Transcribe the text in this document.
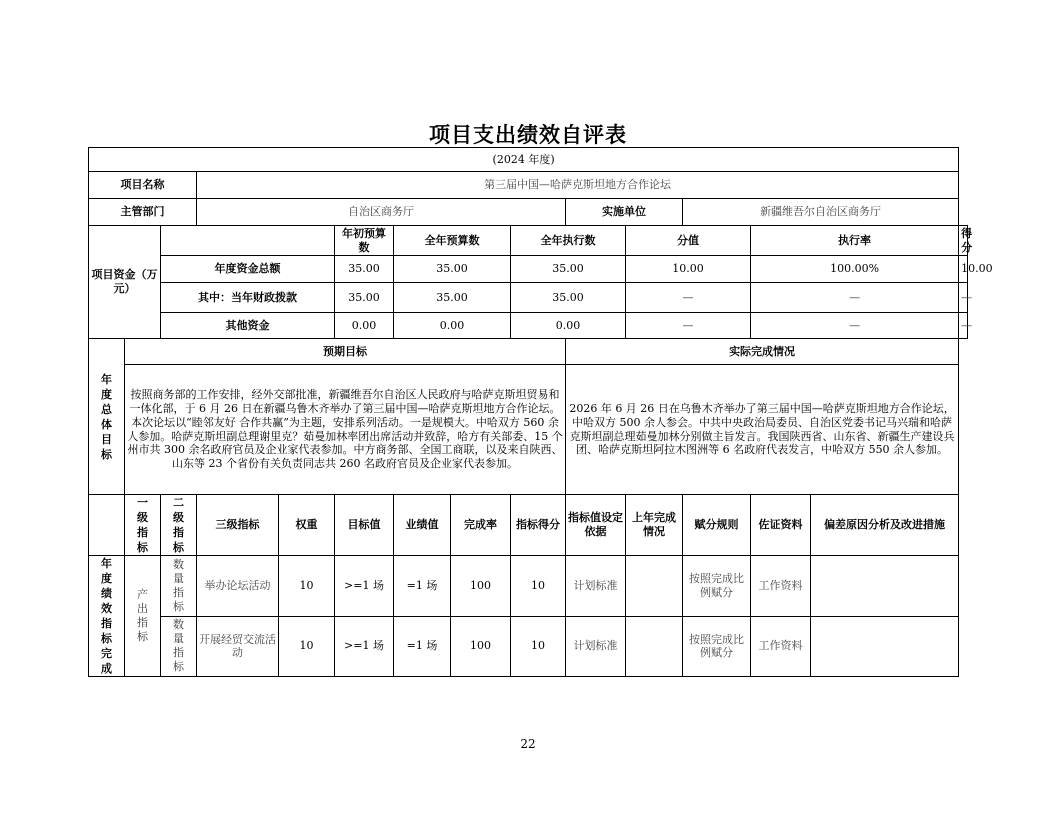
项目支出绩效自评表
(2024 年度)														
项目名称			第三届中国—哈萨克斯坦地方合作论坛											
主管部门			自治区商务厅						实施单位		新疆维吾尔自治区商务厅			
项目资金（万元）					年初预算数	全年预算数		全年执行数		分值		执行率		得分
		年度资金总额			35.00	35.00		35.00		10.00		100.00%		10.00
		其中：当年财政拨款			35.00	35.00		35.00		—		—		—
		其他资金			0.00	0.00		0.00		—		—		—

年度总体目标	预期目标								实际完成情况					
	按照商务部的工作安排，经外交部批准，新疆维吾尔自治区人民政府与哈萨克斯坦贸易和一体化部，于 6 月 26 日在新疆乌鲁木齐举办了第三届中国—哈萨克斯坦地方合作论坛。本次论坛以“睦邻友好 合作共赢”为主题，安排系列活动。一是规模大。中哈双方 560 余人参加。哈萨克斯坦副总理谢里克？茹曼加林率团出席活动并致辞，哈方有关部委、15 个州市共 300 余名政府官员及企业家代表参加。中方商务部、全国工商联，以及来自陕西、山东等 23 个省份有关负责同志共 260 名政府官员及企业家代表参加。								2026 年 6 月 26 日在乌鲁木齐举办了第三届中国—哈萨克斯坦地方合作论坛，中哈双方 500 余人参会。中共中央政治局委员、自治区党委书记马兴瑞和哈萨克斯坦副总理茹曼加林分别做主旨发言。我国陕西省、山东省、新疆生产建设兵团、哈萨克斯坦阿拉木图洲等 6 名政府代表发言，中哈双方 550 余人参加。					

	一级指标	二级指标	三级指标	权重	目标值	业绩值	完成率	指标得分	指标值设定依据	上年完成情况	赋分规则	佐证资料	偏差原因分析及改进措施	

年度绩效指标完成	产出指标	数量指标	举办论坛活动	10	>=1 场	=1 场	100	10	计划标准		按照完成比例赋分	工作资料		

		数量指标	开展经贸交流活动	10	>=1 场	=1 场	100	10	计划标准		按照完成比例赋分	工作资料		
22
